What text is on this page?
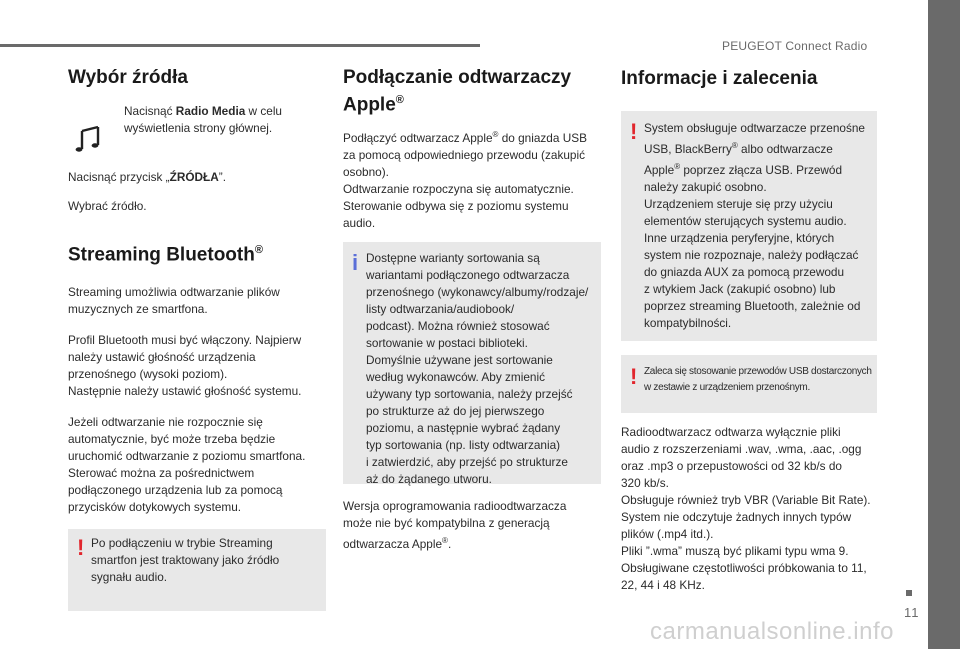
PEUGEOT Connect Radio
11
carmanualsonline.info
Wybór źródła

Nacisnąć Radio Media w celu
wyświetlenia strony głównej.

Nacisnąć przycisk „ŹRÓDŁA”.

Wybrać źródło.

Streaming Bluetooth®

Streaming umożliwia odtwarzanie plików
muzycznych ze smartfona.

Profil Bluetooth musi być włączony. Najpierw
należy ustawić głośność urządzenia
przenośnego (wysoki poziom).
Następnie należy ustawić głośność systemu.

Jeżeli odtwarzanie nie rozpocznie się
automatycznie, być może trzeba będzie
uruchomić odtwarzanie z poziomu smartfona.
Sterować można za pośrednictwem
podłączonego urządzenia lub za pomocą
przycisków dotykowych systemu.

! Po podłączeniu w trybie Streaming
smartfon jest traktowany jako źródło
sygnału audio.

Podłączanie odtwarzaczy
Apple®

Podłączyć odtwarzacz Apple® do gniazda USB
za pomocą odpowiedniego przewodu (zakupić
osobno).
Odtwarzanie rozpoczyna się automatycznie.
Sterowanie odbywa się z poziomu systemu
audio.

i Dostępne warianty sortowania są
wariantami podłączonego odtwarzacza
przenośnego (wykonawcy/albumy/rodzaje/
listy odtwarzania/audiobook/
podcast). Można również stosować
sortowanie w postaci biblioteki.
Domyślnie używane jest sortowanie
według wykonawców. Aby zmienić
używany typ sortowania, należy przejść
po strukturze aż do jej pierwszego
poziomu, a następnie wybrać żądany
typ sortowania (np. listy odtwarzania)
i zatwierdzić, aby przejść po strukturze
aż do żądanego utworu.

Wersja oprogramowania radioodtwarzacza
może nie być kompatybilna z generacją
odtwarzacza Apple®.

Informacje i zalecenia
! System obsługuje odtwarzacze przenośne
USB, BlackBerry® albo odtwarzacze
Apple® poprzez złącza USB. Przewód
należy zakupić osobno.
Urządzeniem steruje się przy użyciu
elementów sterujących systemu audio.
Inne urządzenia peryferyjne, których
system nie rozpoznaje, należy podłączać
do gniazda AUX za pomocą przewodu
z wtykiem Jack (zakupić osobno) lub
poprzez streaming Bluetooth, zależnie od
kompatybilności.

! Zaleca się stosowanie przewodów USB dostarczonych
w zestawie z urządzeniem przenośnym.

Radioodtwarzacz odtwarza wyłącznie pliki
audio z rozszerzeniami .wav, .wma, .aac, .ogg
oraz .mp3 o przepustowości od 32 kb/s do
320 kb/s.
Obsługuje również tryb VBR (Variable Bit Rate).
System nie odczytuje żadnych innych typów
plików (.mp4 itd.).
Pliki ”.wma” muszą być plikami typu wma 9.
Obsługiwane częstotliwości próbkowania to 11,
22, 44 i 48 KHz.
